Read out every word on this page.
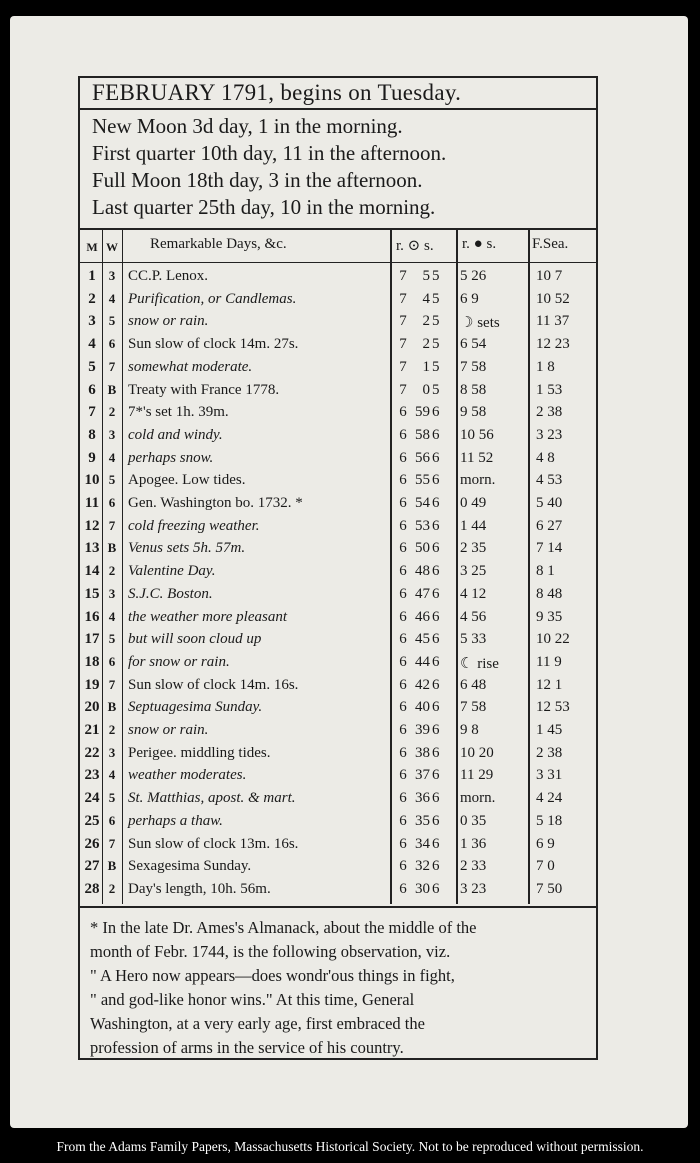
FEBRUARY 1791, begins on Tuesday.
New Moon 3d day, 1 in the morning.
First quarter 10th day, 11 in the afternoon.
Full Moon 18th day, 3 in the afternoon.
Last quarter 25th day, 10 in the morning.
M W Remarkable Days, &c.	r. ⊙ s. r. ● s. F.Sea.
1	3 CC.P. Lenox.	7	5 5	5 26	10 7
2	4 Purification, or Candlemas.	7	4 5	6 9	10 52
3	5 snow or rain.	7	2 5	☽ sets	11 37
4	6 Sun slow of clock 14m. 27s.	7	2 5	6 54	12 23
5	7 somewhat moderate.	7	1 5	7 58	1 8
6 B Treaty with France 1778.	7	0 5	8 58	1 53
7	2 7*'s set 1h. 39m.	6 59 6	9 58	2 38
8	3 cold and windy.	6 58 6	10 56	3 23
9	4 perhaps snow.	6 56 6	11 52	4 8
10 5 Apogee. Low tides.	6 55 6	morn.	4 53
11 6 Gen. Washington bo. 1732. *	6 54 6	0 49	5 40
12 7 cold freezing weather.	6 53 6	1 44	6 27
13 B Venus sets 5h. 57m.	6 50 6	2 35	7 14
14 2 Valentine Day.	6 48 6	3 25	8 1
15 3 S.J.C. Boston.	6 47 6	4 12	8 48
16 4 the weather more pleasant	6 46 6	4 56	9 35
17 5 but will soon cloud up	6 45 6	5 33	10 22
18 6 for snow or rain.	6 44 6	☾ rise	11 9
19 7 Sun slow of clock 14m. 16s.	6 42 6	6 48	12 1
20 B Septuagesima Sunday.	6 40 6	7 58	12 53
21 2 snow or rain.	6 39 6	9 8	1 45
22 3 Perigee. middling tides.	6 38 6	10 20	2 38
23 4 weather moderates.	6 37 6	11 29	3 31
24 5 St. Matthias, apost. & mart.	6 36 6	morn.	4 24
25 6 perhaps a thaw.	6 35 6	0 35	5 18
26 7 Sun slow of clock 13m. 16s.	6 34 6	1 36	6 9
27 B Sexagesima Sunday.	6 32 6	2 33	7 0
28 2 Day's length, 10h. 56m.	6 30 6	3 23	7 50

* In the late Dr. Ames's Almanack, about the middle of the

month of Febr. 1744, is the following observation, viz.

" A Hero now appears—does wondr'ous things in fight,

" and god-like honor wins." At this time, General

Washington, at a very early age, first embraced the

profession of arms in the service of his country.

From the Adams Family Papers, Massachusetts Historical Society. Not to be reproduced without permission.
